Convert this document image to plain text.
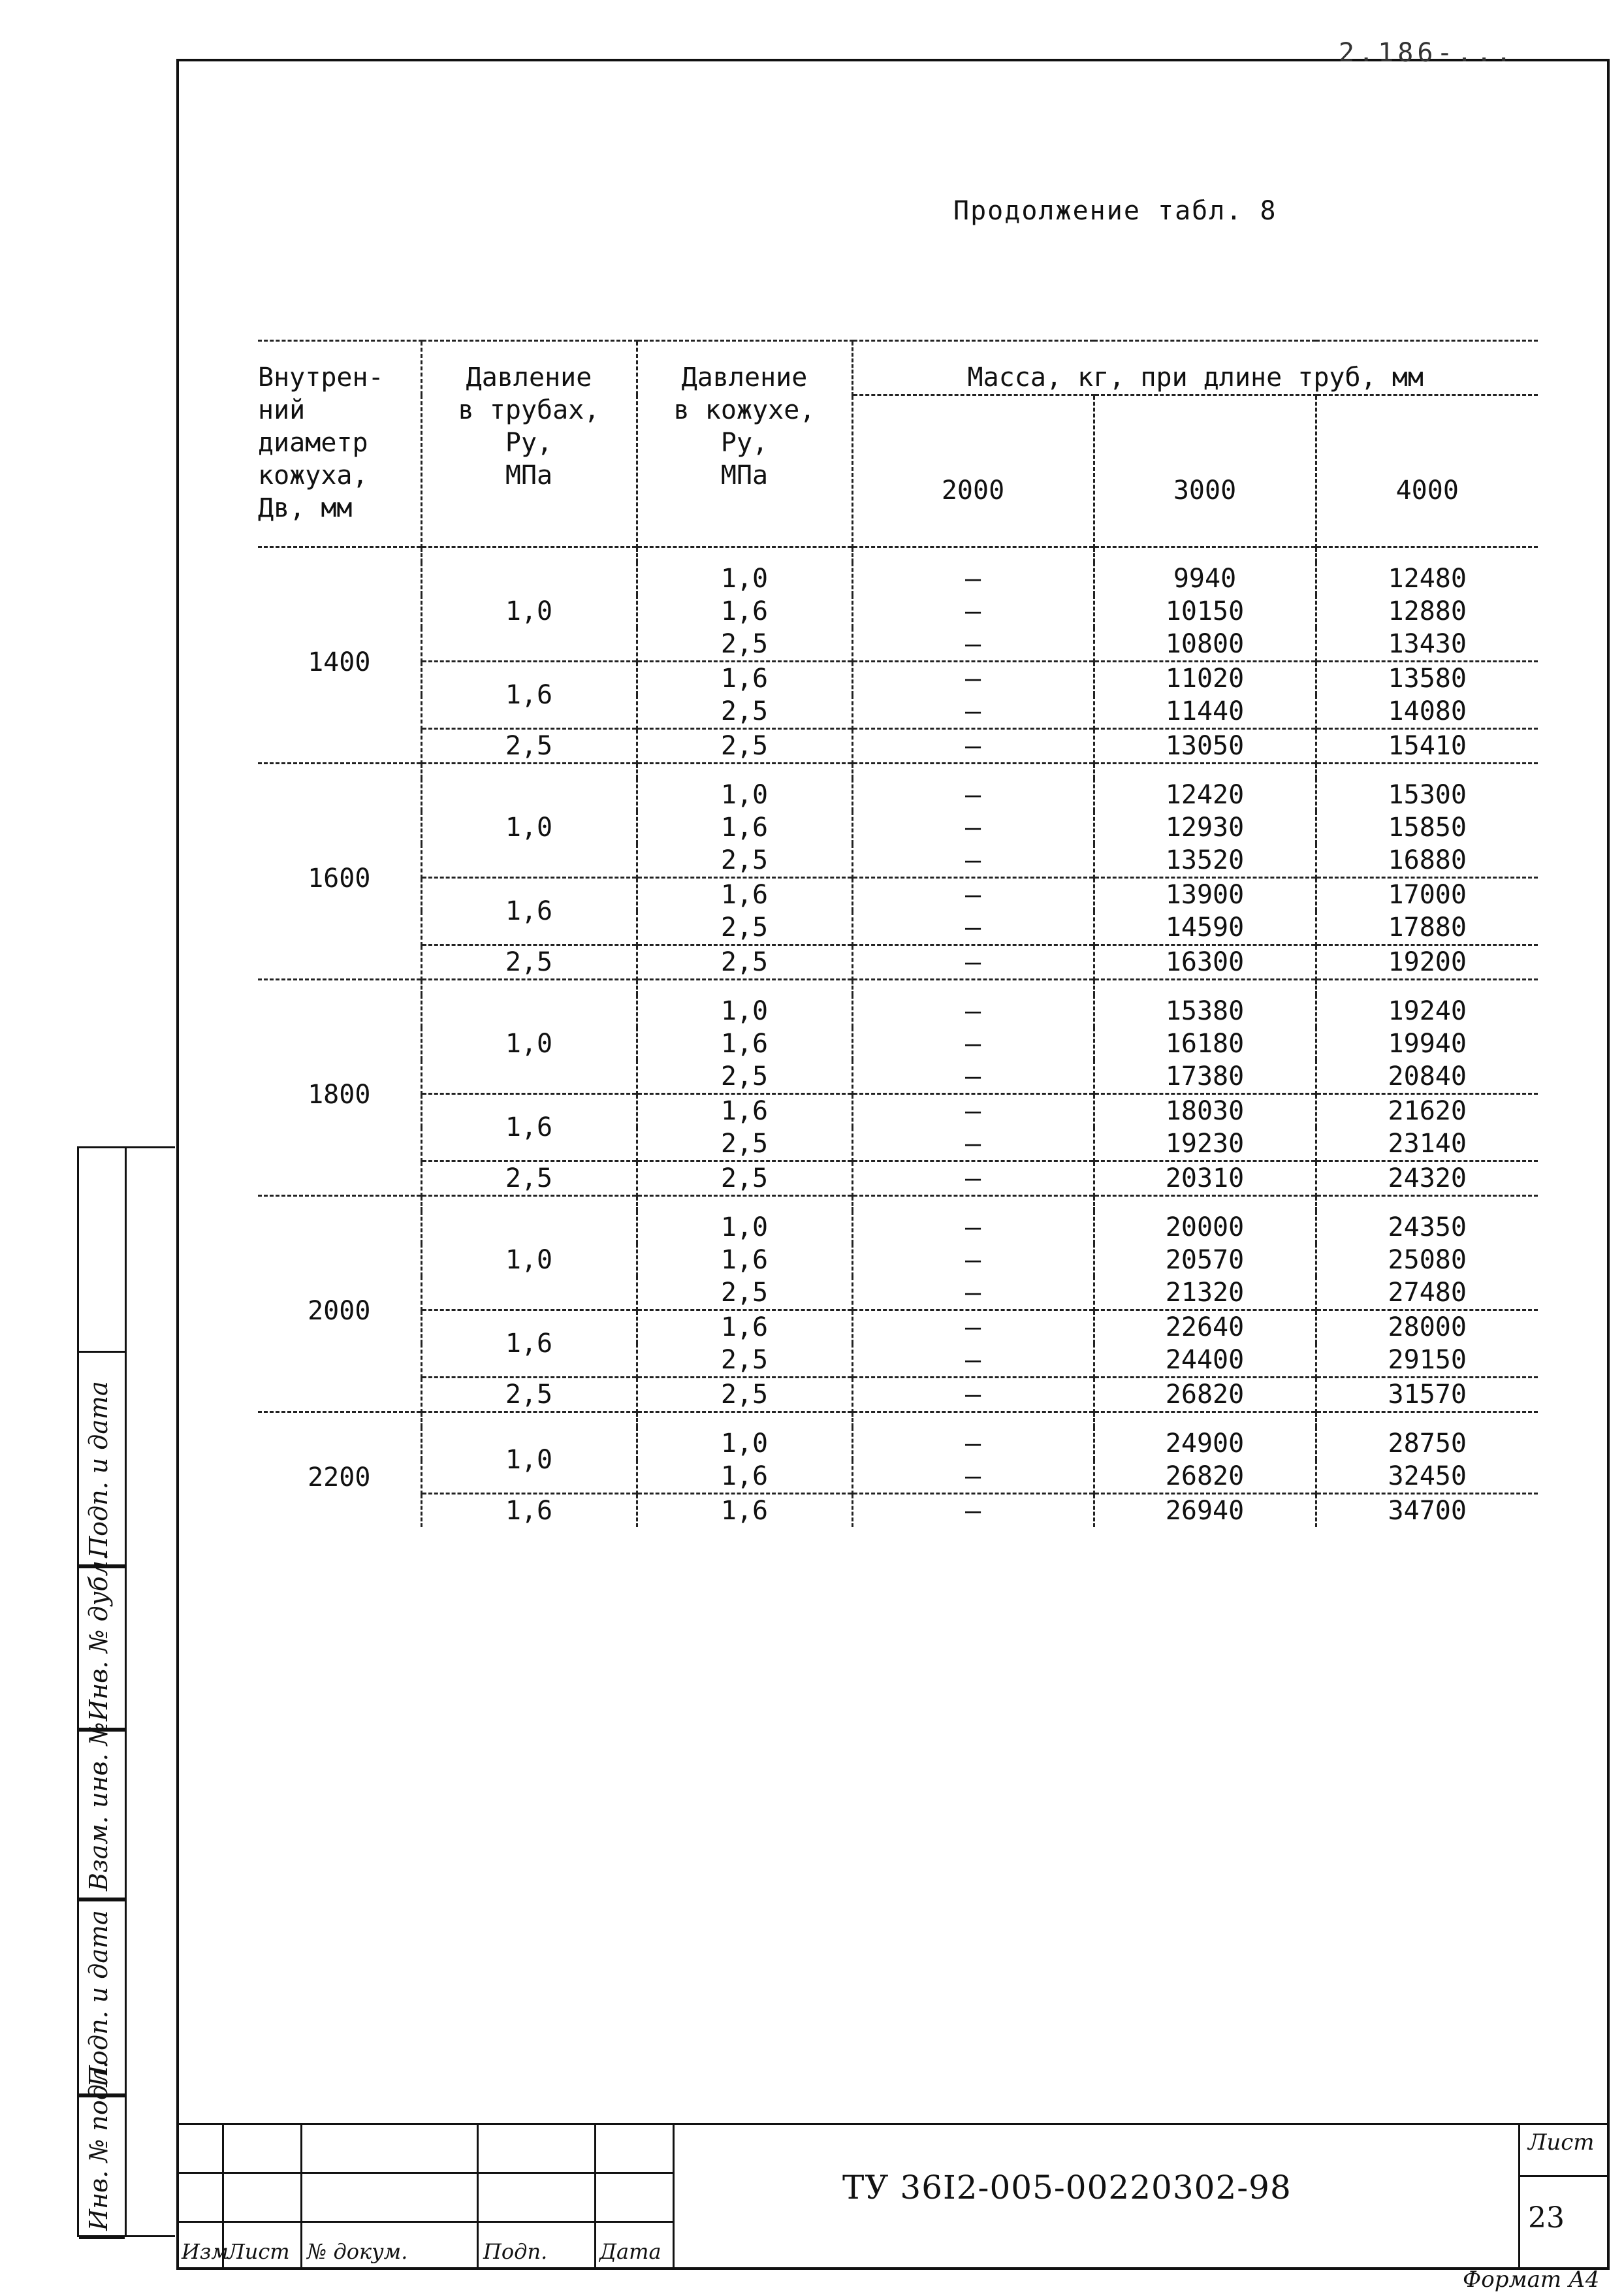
2.186-...
Продолжение табл. 8
Внутрен-
ний
диаметр
кожуха,
Дв, мм	Давление
в трубах,
Ру,
МПа	Давление
в кожухе,
Ру,
МПа	Масса, кг, при длине труб, мм		
			2000	3000	4000

1400	1,0	1,0	–	9940	12480
		1,6	–	10150	12880
		2,5	–	10800	13430
	1,6	1,6	–	11020	13580
		2,5	–	11440	14080
	2,5	2,5	–	13050	15410

1600	1,0	1,0	–	12420	15300
		1,6	–	12930	15850
		2,5	–	13520	16880
	1,6	1,6	–	13900	17000
		2,5	–	14590	17880
	2,5	2,5	–	16300	19200

1800	1,0	1,0	–	15380	19240
		1,6	–	16180	19940
		2,5	–	17380	20840
	1,6	1,6	–	18030	21620
		2,5	–	19230	23140
	2,5	2,5	–	20310	24320

2000	1,0	1,0	–	20000	24350
		1,6	–	20570	25080
		2,5	–	21320	27480
	1,6	1,6	–	22640	28000
		2,5	–	24400	29150
	2,5	2,5	–	26820	31570

2200	1,0	1,0	–	24900	28750
		1,6	–	26820	32450
	1,6	1,6	–	26940	34700
Инв. № подл.
Подп. и дата
Взам. инв. №
Инв. № дубл.
Подп. и дата
ТУ 36I2-005-00220302-98
Лист
23
Изм
Лист № докум.	Подп. Дата
Формат А4
